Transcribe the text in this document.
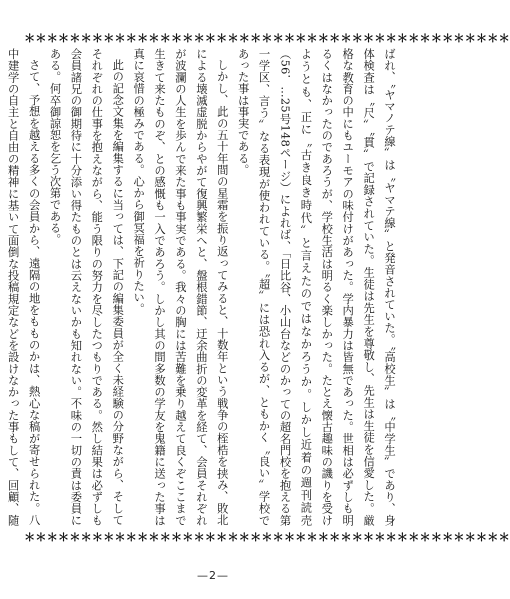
＊＊＊＊＊＊＊＊＊＊＊＊＊＊＊＊＊＊＊＊＊＊＊＊＊＊＊＊＊＊＊＊＊＊＊＊＊＊＊＊＊＊＊

ばれ、〝ヤマノテ線〟は〝ヤマテ線〟と発音されていた。〝高校生〟は〝中学生〟であり、身体検査は〝尺〟〝貫〟で記録されていた。生徒は先生を尊敬し、先生は生徒を信愛した。厳格な教育の中にもユーモアの味付けがあった。学内暴力は皆無であった。世相は必ずしも明るくはなかったのであろうが、学校生活は明るく楽しかった。たとえ懐古趣味の譏りを受けようとも、正に〝古き良き時代〟と言えたのではなかろうか。しかし近着の週刊読売（56．…25号148ページ）によれば、「日比谷、小山台などのかっての超名門校を抱える第一学区、言う〟なる表現が使われている。〝超〟には恐れ入るが、ともかく〝良い〟学校であった事は事実である。

しかし、此の五十年間の星霜を振り返ってみると、十数年という戦争の桎梏を挟み、敗北による壊滅虚脱からやがて復興繁栄へと、盤根錯節、迂余曲折の変革を経て、会員それぞれが波瀾の人生を歩んで来た事も事実である。我々の胸には苦難を乗り越えて良くぞここまで生きて来たものぞ、との感慨も一入であろう。しかし其の間多数の学友を鬼籍に送った事は真に哀惜の極みである。心から御冥福を祈りたい。

此の記念文集を編集するに当っては、下記の編集委員が全く未経験の分野ながら、そしてそれぞれの仕事を抱えながら、能う限りの努力を尽したつもりである。然し結果は必ずしも会員諸兄の御期待に十分添い得たものとは云えないかも知れない。不味の一切の責は委員にある。何卒御諒恕を乞う次第である。

さて、予想を越える多くの会員から、遠隔の地をもものかは、熱心な稿が寄せられた。八中建学の自主と自由の精神に基いて面倒な投稿規定などを設けなかった事もして、回顧、随

＊＊＊＊＊＊＊＊＊＊＊＊＊＊＊＊＊＊＊＊＊＊＊＊＊＊＊＊＊＊＊＊＊＊＊＊＊＊＊＊＊＊＊
—2—
